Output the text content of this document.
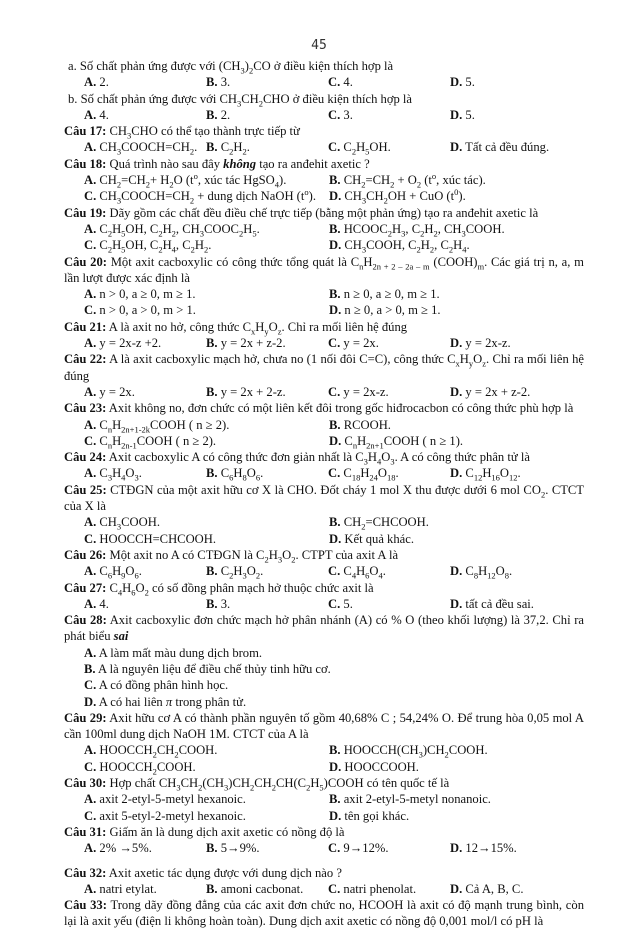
45
a. Số chất phản ứng được với $(CH_3)_2CO$ ở điều kiện thích hợp là
A. 2.	B. 3.	C. 4.	D. 5.
b. Số chất phản ứng được với $CH_3CH_2CHO$ ở điều kiện thích hợp là
A. 4.	B. 2.	C. 3.	D. 5.
Câu 17: $CH_3CHO$ có thể tạo thành trực tiếp từ
A. $CH_3COOCH=CH_2$. B. $C_2H_2$.	C. $C_2H_5OH$.	D. Tất cả đều đúng.
Câu 18: Quá trình nào sau đây không tạo ra anđehit axetic ?
A. $CH_2=CH_2+ H_2O$ ($t^o$, xúc tác HgSO$_4$).	B. $CH_2=CH_2 + O_2$ ($t^o$, xúc tác).
C. $CH_3COOCH=CH_2$ + dung dịch NaOH $(t^o)$.	D. $CH_3CH_2OH$ + CuO $(t^0)$.
Câu 19: Dãy gồm các chất đều điều chế trực tiếp (bằng một phản ứng) tạo ra anđehit axetic là
A. $C_2H_5OH$, $C_2H_2$, $CH_3COOC_2H_5$.	B. $HCOOC_2H_3$, $C_2H_2$, $CH_3COOH$.
C. $C_2H_5OH$, $C_2H_4$, $C_2H_2$.	D. $CH_3COOH$, $C_2H_2$, $C_2H_4$.
Câu 20: Một axit cacboxylic có công thức tổng quát là $C_nH_{2n + 2 - 2a - m}$ $(COOH)_m$. Các giá trị n, a, m lần lượt được xác định là
A. n > 0, a ≥ 0, m ≥ 1.	B. n ≥ 0, a ≥ 0, m ≥ 1.
C. n > 0, a > 0, m > 1.	D. n ≥ 0, a > 0, m ≥ 1.
Câu 21: A là axit no hở, công thức $C_xH_yO_z$. Chỉ ra mối liên hệ đúng
A. y = 2x-z +2.	B. y = 2x + z-2.	C. y = 2x.	D. y = 2x-z.
Câu 22: A là axit cacboxylic mạch hở, chưa no (1 nối đôi C=C), công thức $C_xH_yO_z$. Chỉ ra mối liên hệ đúng
A. y = 2x.	B. y = 2x + 2-z.	C. y = 2x-z.	D. y = 2x + z-2.
Câu 23: Axit không no, đơn chức có một liên kết đôi trong gốc hiđrocacbon có công thức phù hợp là
A. $C_nH_{2n+1-2k}COOH$ ( n ≥ 2).	B. RCOOH.
C. $C_nH_{2n-1}COOH$ ( n ≥ 2).	D. $C_nH_{2n+1}COOH$ ( n ≥ 1).
Câu 24: Axit cacboxylic A có công thức đơn giản nhất là $C_3H_4O_3$. A có công thức phân tử là
A. $C_3H_4O_3$.	B. $C_6H_8O_6$.	C. $C_{18}H_{24}O_{18}$.	D. $C_{12}H_{16}O_{12}$.
Câu 25: CTĐGN của một axit hữu cơ X là CHO. Đốt cháy 1 mol X thu được dưới 6 mol $CO_2$. CTCT của X là
A. $CH_3COOH$.	B. $CH_2=CHCOOH$.
C. HOOCCH=CHCOOH.	D. Kết quả khác.
Câu 26: Một axit no A có CTĐGN là $C_2H_3O_2$. CTPT của axit A là
A. $C_6H_9O_6$.	B. $C_2H_3O_2$.	C. $C_4H_6O_4$.	D. $C_8H_{12}O_8$.
Câu 27: $C_4H_6O_2$ có số đồng phân mạch hở thuộc chức axit là
A. 4.	B. 3.	C. 5.	D. tất cả đều sai.
Câu 28: Axit cacboxylic đơn chức mạch hở phân nhánh (A) có % O (theo khối lượng) là 37,2. Chỉ ra phát biểu sai
A. A làm mất màu dung dịch brom.
B. A là nguyên liệu để điều chế thủy tinh hữu cơ.
C. A có đồng phân hình học.
D. A có hai liên π trong phân tử.
Câu 29: Axit hữu cơ A có thành phần nguyên tố gồm 40,68% C ; 54,24% O. Để trung hòa 0,05 mol A cần 100ml dung dịch NaOH 1M. CTCT của A là
A. $HOOCCH_2CH_2COOH$.	B. $HOOCCH(CH_3)CH_2COOH$.
C. $HOOCCH_2COOH$.	D. HOOCCOOH.
Câu 30: Hợp chất $CH_3CH_2(CH_3)CH_2CH_2CH(C_2H_5)COOH$ có tên quốc tế là
A. axit 2-etyl-5-metyl hexanoic.	B. axit 2-etyl-5-metyl nonanoic.
C. axit 5-etyl-2-metyl hexanoic.	D. tên gọi khác.
Câu 31: Giấm ăn là dung dịch axit axetic có nồng độ là
A. 2% →5%.	B. 5→9%.	C. 9→12%.	D. 12→15%.
Câu 32: Axit axetic tác dụng được với dung dịch nào ?
A. natri etylat.	B. amoni cacbonat.	C. natri phenolat.	D. Cả A, B, C.
Câu 33: Trong dãy đồng đẳng của các axit đơn chức no, HCOOH là axit có độ mạnh trung bình, còn lại là axit yếu (điện li không hoàn toàn). Dung dịch axit axetic có nồng độ 0,001 mol/l có pH là
